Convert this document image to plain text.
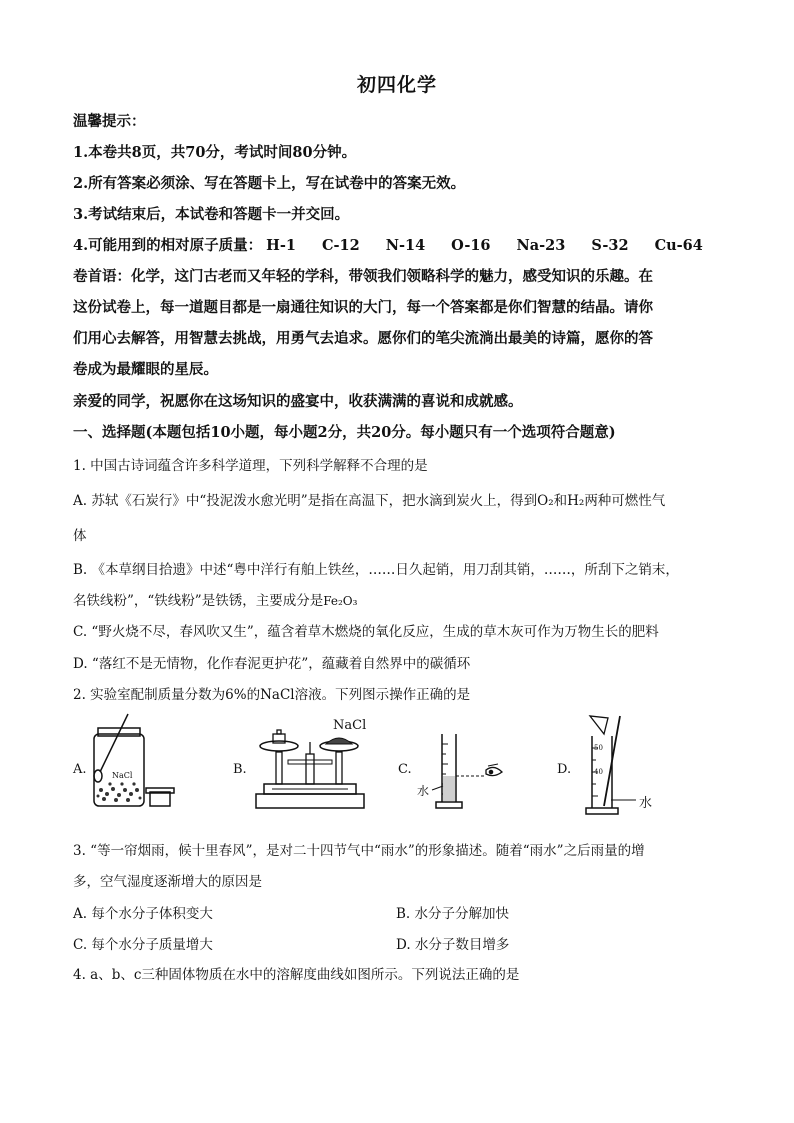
初四化学
温馨提示：
1.本卷共8页，共70分，考试时间80分钟。
2.所有答案必须涂、写在答题卡上，写在试卷中的答案无效。
3.考试结束后，本试卷和答题卡一并交回。
4.可能用到的相对原子质量： H-1 C-12 N-14 O-16 Na-23 S-32 Cu-64
卷首语：化学，这门古老而又年轻的学科，带领我们领略科学的魅力，感受知识的乐趣。在
这份试卷上，每一道题目都是一扇通往知识的大门，每一个答案都是你们智慧的结晶。请你
们用心去解答，用智慧去挑战，用勇气去追求。愿你们的笔尖流淌出最美的诗篇，愿你的答
卷成为最耀眼的星辰。
亲爱的同学，祝愿你在这场知识的盛宴中，收获满满的喜说和成就感。
一、选择题(本题包括10小题，每小题2分，共20分。每小题只有一个选项符合题意)
1. 中国古诗词蕴含许多科学道理，下列科学解释不合理的是
A. 苏轼《石炭行》中“投泥泼水愈光明”是指在高温下，把水滴到炭火上，得到O₂和H₂两种可燃性气
体
B. 《本草纲目拾遗》中述“粤中洋行有舶上铁丝，……日久起销，用刀刮其销，……，所刮下之销末，
名铁线粉”，“铁线粉”是铁锈，主要成分是Fe₂O₃
C. “野火烧不尽，春风吹又生”，蕴含着草木燃烧的氧化反应，生成的草木灰可作为万物生长的肥料
D. “落红不是无情物，化作春泥更护花”，蕴藏着自然界中的碳循环
2. 实验室配制质量分数为6%的NaCl溶液。下列图示操作正确的是
A.	NaCl	B.
NaCl
C.
水
D.
50
40
水
3. “等一帘烟雨，候十里春风”，是对二十四节气中“雨水”的形象描述。随着“雨水”之后雨量的增
多，空气湿度逐渐增大的原因是
A. 每个水分子体积变大	B. 水分子分解加快
C. 每个水分子质量增大	D. 水分子数目增多
4. a、b、c三种固体物质在水中的溶解度曲线如图所示。下列说法正确的是
